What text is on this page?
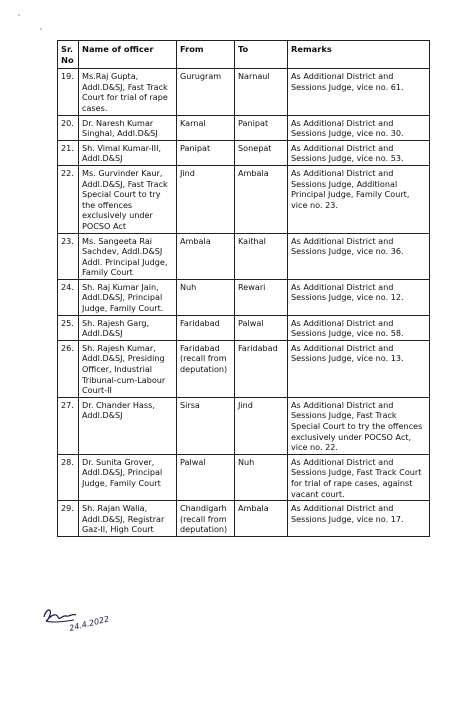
Sr. No	Name of officer	From	To	Remarks
19.	Ms.Raj Gupta, Addl.D&SJ, Fast Track Court for trial of rape cases.	Gurugram	Narnaul	As Additional District and Sessions Judge, vice no. 61.
20.	Dr. Naresh Kumar Singhal, Addl.D&SJ	Karnal	Panipat	As Additional District and Sessions Judge, vice no. 30.
21.	Sh. Vimal Kumar-III, Addl.D&SJ	Panipat	Sonepat	As Additional District and Sessions Judge, vice no. 53.
22.	Ms. Gurvinder Kaur, Addl.D&SJ, Fast Track Special Court to try the offences exclusively under POCSO Act	Jind	Ambala	As Additional District and Sessions Judge, Additional Principal Judge, Family Court, vice no. 23.
23.	Ms. Sangeeta Rai Sachdev, Addl.D&SJ Addl. Principal Judge, Family Court	Ambala	Kaithal	As Additional District and Sessions Judge, vice no. 36.
24.	Sh. Raj Kumar Jain, Addl.D&SJ, Principal Judge, Family Court.	Nuh	Rewari	As Additional District and Sessions Judge, vice no. 12.
25.	Sh. Rajesh Garg, Addl.D&SJ	Faridabad	Palwal	As Additional District and Sessions Judge, vice no. 58.
26.	Sh. Rajesh Kumar, Addl.D&SJ, Presiding Officer, Industrial Tribunal-cum-Labour Court-II	Faridabad (recall from deputation)	Faridabad	As Additional District and Sessions Judge, vice no. 13.
27.	Dr. Chander Hass, Addl.D&SJ	Sirsa	Jind	As Additional District and Sessions Judge, Fast Track Special Court to try the offences exclusively under POCSO Act, vice no. 22.
28.	Dr. Sunita Grover, Addl.D&SJ, Principal Judge, Family Court	Palwal	Nuh	As Additional District and Sessions Judge, Fast Track Court for trial of rape cases, against vacant court.
29.	Sh. Rajan Walia, Addl.D&SJ, Registrar Gaz-II, High Court	Chandigarh (recall from deputation)	Ambala	As Additional District and Sessions Judge, vice no. 17.
24.4.2022
